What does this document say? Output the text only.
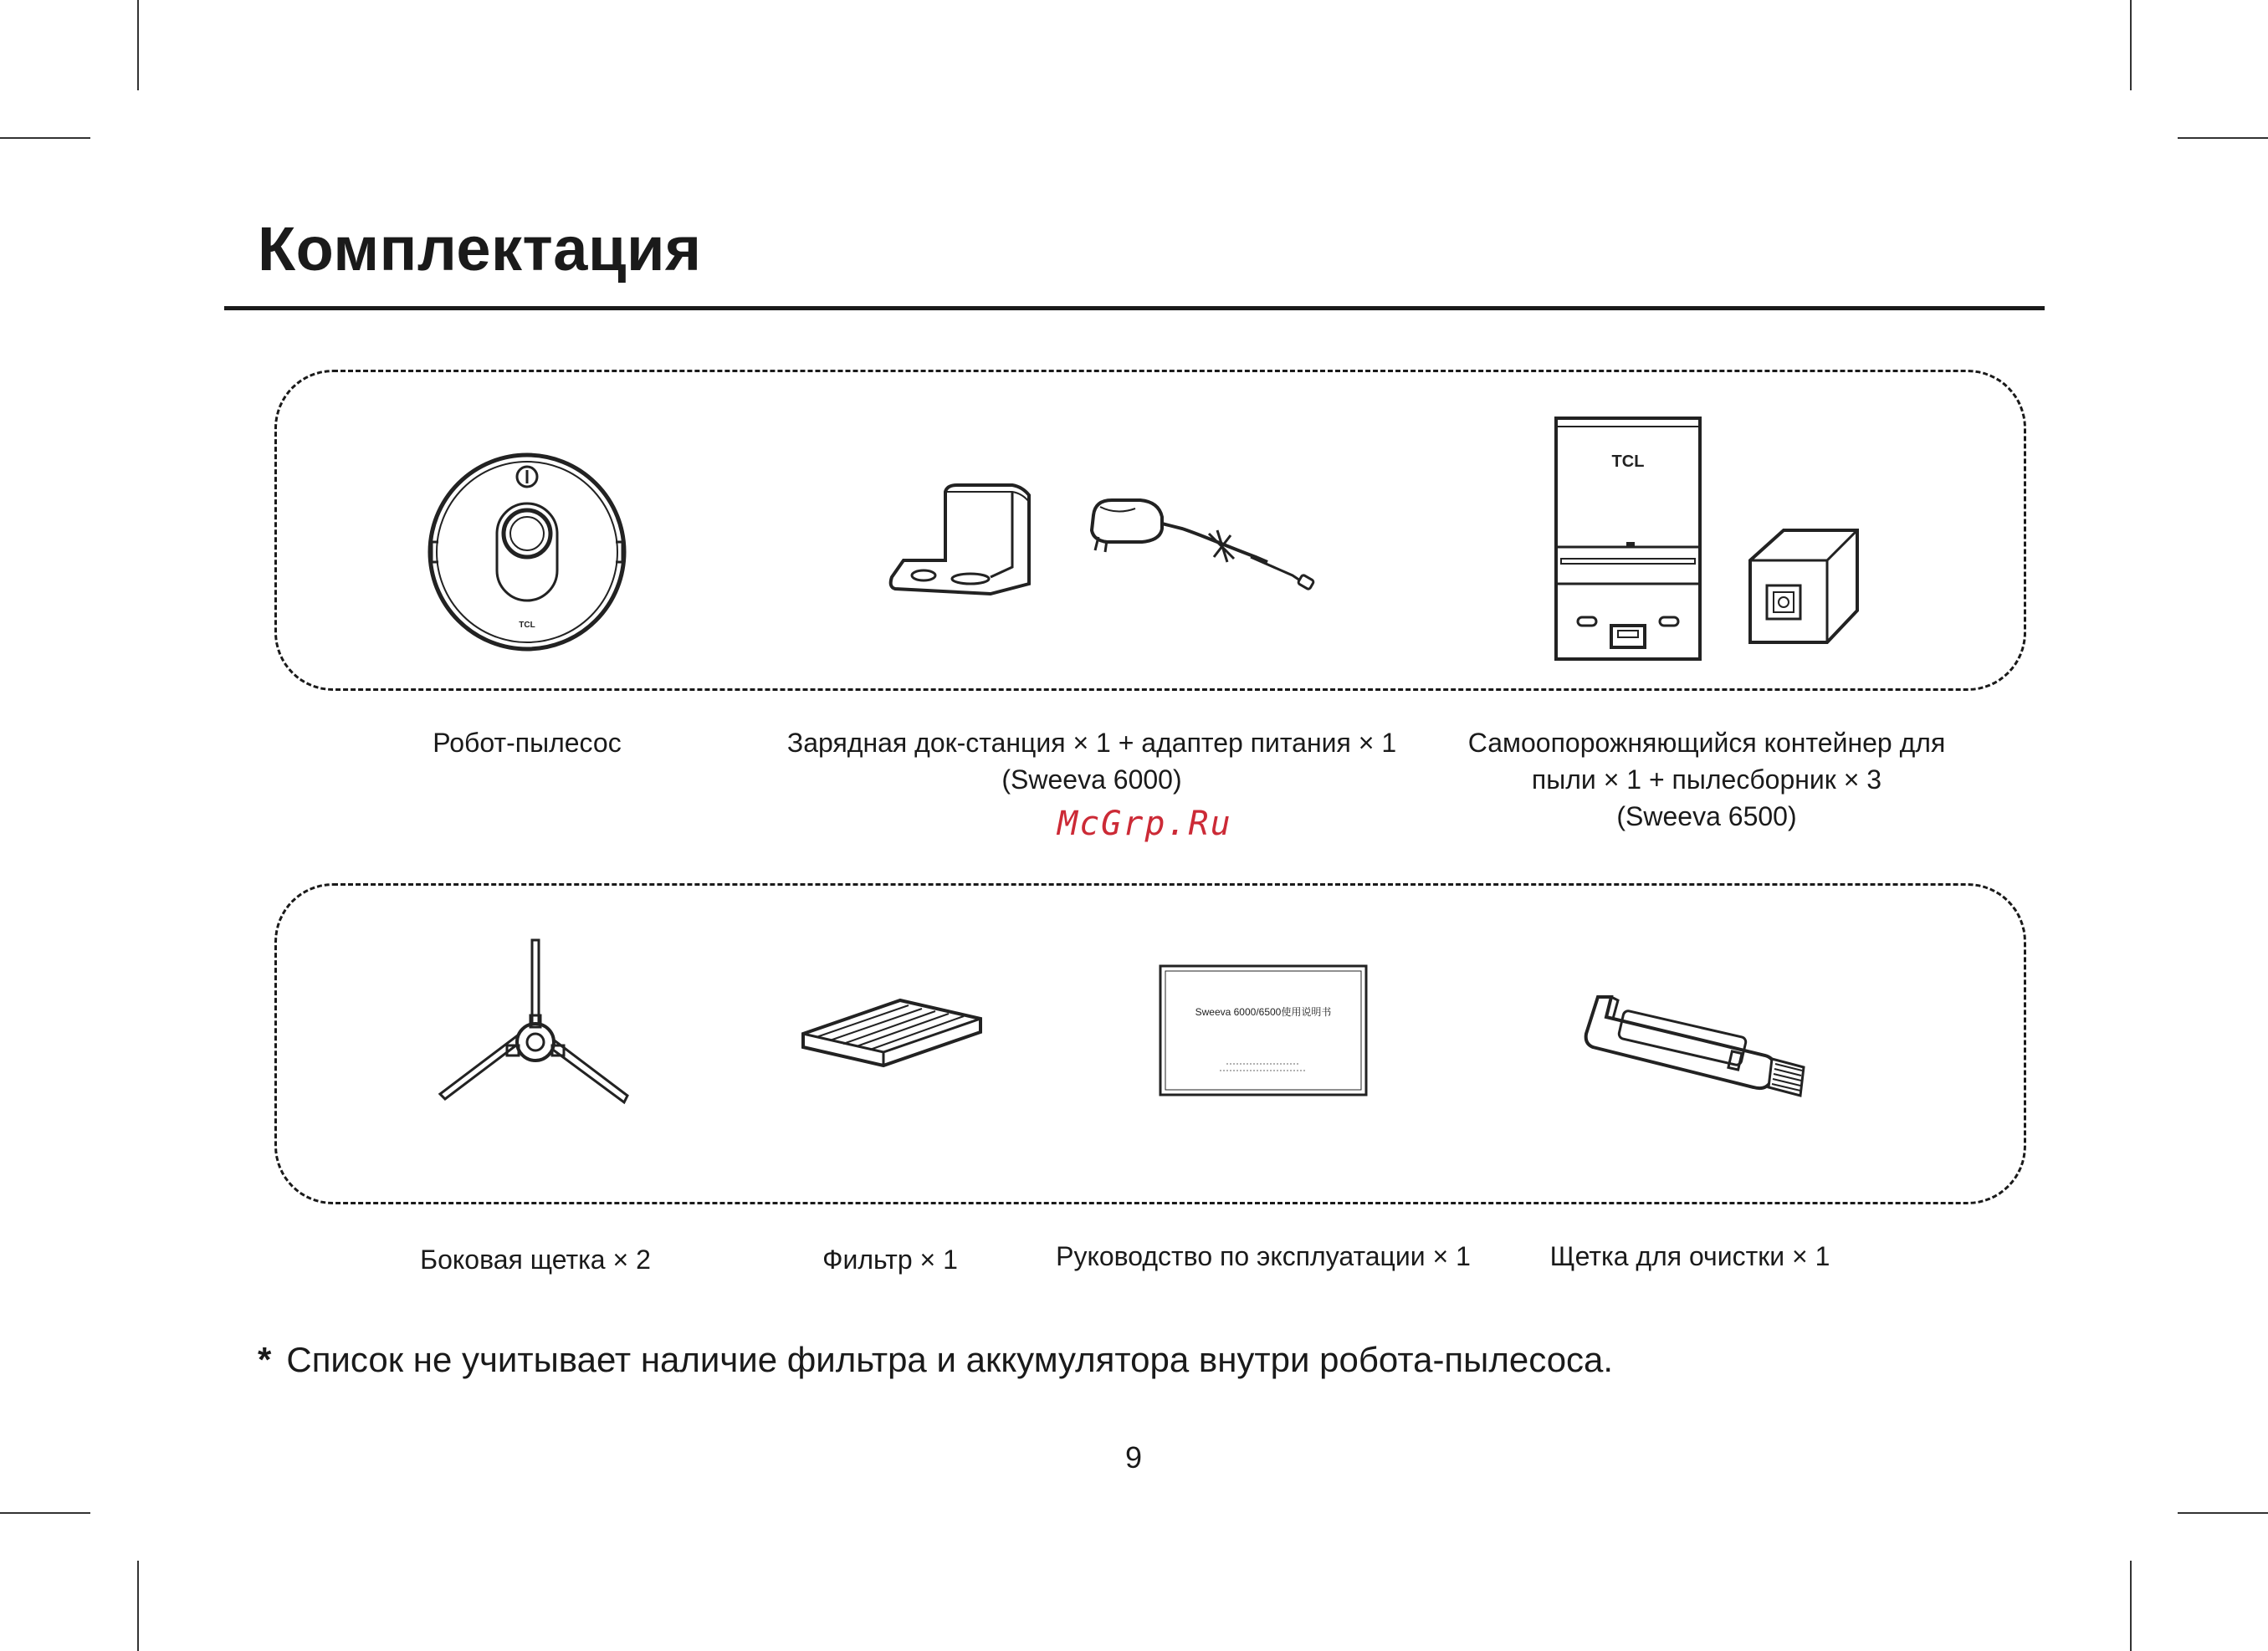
Комплектация
TCL
TCL
Робот-пылесос	Зарядная док-станция × 1 + адаптер питания × 1
(Sweeva 6000)
Самоопорожняющийся контейнер для
пыли × 1 + пылесборник × 3
(Sweeva 6500)
McGrp.Ru
Sweeva 6000/6500使用说明书
Боковая щетка × 2	Фильтр × 1	Руководство по эксплуатации × 1	Щетка для очистки × 1
* Список не учитывает наличие фильтра и аккумулятора внутри робота-пылесоса.
9
